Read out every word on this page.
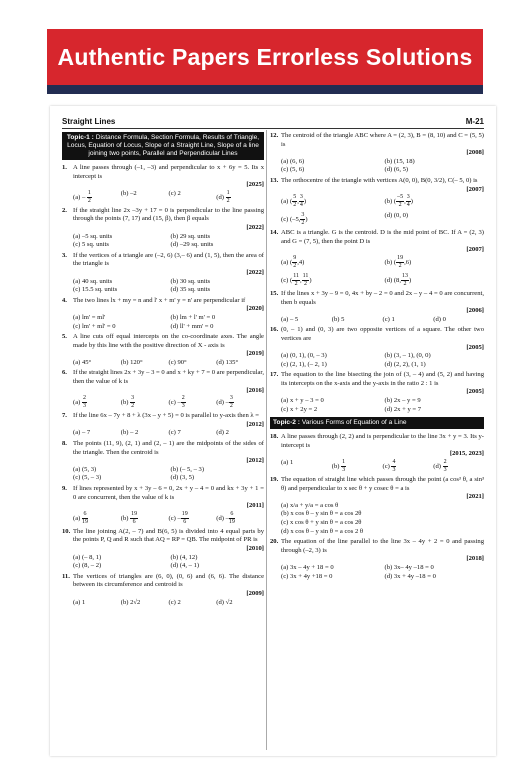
Authentic Papers Errorless Solutions
Straight Lines	M-21
Topic-1 : Distance Formula, Section Formula, Results of Triangle, Locus, Equation of Locus, Slope of a Straight Line, Slope of a line joining two points, Parallel and Perpendicular Lines
1. A line passes through (–1, –3) and perpendicular to x + 6y = 5. Its x intercept is
[2025]
$(a) - \frac{1}{2}$	(b) –2	(c) 2
$(d) \frac{1}{2}$
2. If the straight line 2x –3y + 17 = 0 is perpendicular to the line passing through the points (7, 17) and (15, β), then β equals
[2022]
(a) –5 sq. units	(b) 29 sq. units
(c) 5 sq. units	(d) –29 sq. units
3. If the vertices of a triangle are (–2, 6) (3,– 6) and (1, 5), then the area of the triangle is
[2022]
(a) 40 sq. units	(b) 30 sq. units
(c) 15.5 sq. units	(d) 35 sq. units
4. The two lines lx + my = n and l' x + m' y = n' are perpendicular if
[2020]
(a) lm' = ml'	(b) lm + l' m' = 0
(c) lm' + ml' = 0	(d) ll' + mm' = 0
5. A line cuts off equal intercepts on the co-coordinate axes. The angle made by this line with the positive direction of X - axis is
[2019]
(a) 45°	(b) 120°	(c) 90°	(d) 135°
6. If the straight lines 2x + 3y – 3 = 0 and x + ky + 7 = 0 are perpendicular, then the value of k is
[2016]
$(a) \frac{2}{3}$	$(b) \frac{3}{2}$	$(c) - \frac{2}{3}$	$(d) - \frac{3}{2}$
7. If the line 6x – 7y + 8 + λ (3x – y + 5) = 0 is parallel to y-axis then λ =
[2012]
(a) – 7	(b) – 2	(c) 7	(d) 2
8. The points (11, 9), (2, 1) and (2, – 1) are the midpoints of the sides of the triangle. Then the centroid is
[2012]
(a) (5, 3)	(b) (– 5, – 3)
(c) (5, – 3)	(d) (3, 5)
9. If lines represented by x + 3y – 6 = 0, 2x + y – 4 = 0 and kx + 3y + 1 = 0 are concurrent, then the value of k is
[2011]
$(a) \frac{6}{19}$	$(b) \frac{19}{6}$	$(c) - \frac{19}{6}$	$(d) - \frac{6}{19}$
10. The line joining A(2, – 7) and B(6, 5) is divided into 4 equal parts by the points P, Q and R such that AQ = RP = QB. The midpoint of PR is
[2010]
(a) (– 8, 1)	(b) (4, 12)
(c) (8, – 2)	(d) (4, – 1)
11. The vertices of triangles are (6, 0), (0, 6) and (6, 6). The distance between its circumference and centroid is
[2009]
(a) 1	(b) 2√2	(c) 2	(d) √2
12. The centroid of the triangle ABC where A = (2, 3), B = (8, 10) and C = (5, 5) is
[2008]
(a) (6, 6)	(b) (15, 18)
(c) (5, 6)	(d) (6, 5)
13. The orthocentre of the triangle with vertices A(0, 0), B(0, 3/2), C(– 5, 0) is
[2007]
(a) ( $\frac{5}{2}$ , $\frac{3}{4}$ )	(b) ( $\frac{-5}{2}$ , $\frac{3}{4}$ )
(c) (–5, $\frac{3}{2}$ )
(d) (0, 0)
14. ABC is a triangle. G is the centroid. D is the mid point of BC. If A = (2, 3) and G = (7, 5), then the point D is
[2007]
(a) ( $\frac{9}{2} ,4$)	(b) ( $\frac{19}{2} ,6$)
(c) ( $\frac{11}{2}$ , $\frac{11}{2}$ )	(d) (8, $\frac{13}{2}$ )
15. If the lines x + 3y – 9 = 0, 4x + by – 2 = 0 and 2x – y – 4 = 0 are concurrent, then b equals
[2006]
(a) – 5	(b) 5	(c) 1	(d) 0
16. (0, – 1) and (0, 3) are two opposite vertices of a square. The other two vertices are
[2005]
(a) (0, 1), (0, – 3)	(b) (3, – 1), (0, 0)
(c) (2, 1), (– 2, 1)	(d) (2, 2), (1, 1)
17. The equation to the line bisecting the join of (3, – 4) and (5, 2) and having its intercepts on the x-axis and the y-axis in the ratio 2 : 1 is
[2005]
(a) x + y – 3 = 0	(b) 2x – y = 9
(c) x + 2y = 2	(d) 2x + y = 7
Topic-2 : Various Forms of Equation of a Line
18. A line passes through (2, 2) and is perpendicular to the line 3x + y = 3. Its y-intercept is
[2015, 2023]
(a) 1
$(b) \frac{1}{3}$	$(c) \frac{4}{3}$	$(d) \frac{2}{3}$
19. The equation of straight line which passes through the point (a cos³ θ, a sin³ θ) and perpendicular to x sec θ + y cosec θ = a is
[2021]
(a) x/a + y/a = a cos θ
(b) x cos θ – y sin θ = a cos 2θ
(c) x cos θ + y sin θ = a cos 2θ
(d) x cos θ – y sin θ = a cos 2 θ
20. The equation of the line parallel to the line 3x – 4y + 2 = 0 and passing through (–2, 3) is
[2018]
(a) 3x – 4y + 18 = 0	(b) 3x– 4y –18 = 0
(c) 3x + 4y +18 = 0	(d) 3x + 4y –18 = 0
